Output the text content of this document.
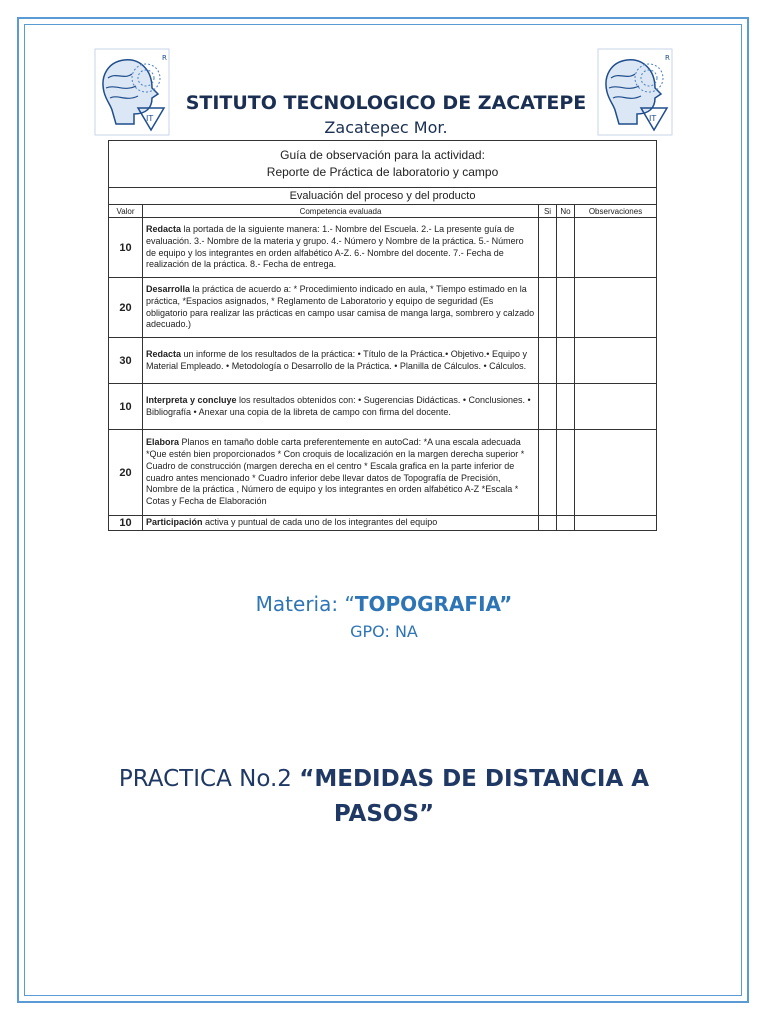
IT
R
IT
R
STITUTO TECNOLOGICO DE ZACATEPE
Zacatepec Mor.
Guía de observación para la actividad:
Reporte de Práctica de laboratorio y campo				

Evaluación del proceso y del producto				
Valor	Competencia evaluada	Si	No	Observaciones
10	Redacta la portada de la siguiente manera: 1.- Nombre del Escuela. 2.- La presente guía de evaluación. 3.- Nombre de la materia y grupo. 4.- Número y Nombre de la práctica. 5.- Número de equipo y los integrantes en orden alfabético A-Z. 6.- Nombre del docente. 7.- Fecha de realización de la práctica. 8.- Fecha de entrega.			
20	Desarrolla la práctica de acuerdo a: * Procedimiento indicado en aula, * Tiempo estimado en la práctica, *Espacios asignados, * Reglamento de Laboratorio y equipo de seguridad (Es obligatorio para realizar las prácticas en campo usar camisa de manga larga, sombrero y calzado adecuado.)			
30	Redacta un informe de los resultados de la práctica: • Título de la Práctica.• Objetivo.• Equipo y Material Empleado. • Metodología o Desarrollo de la Práctica. • Planilla de Cálculos. • Cálculos.			
10	Interpreta y concluye los resultados obtenidos con: • Sugerencias Didácticas. • Conclusiones. • Bibliografía • Anexar una copia de la libreta de campo con firma del docente.			
20	Elabora Planos en tamaño doble carta preferentemente en autoCad: *A una escala adecuada *Que estén bien proporcionados * Con croquis de localización en la margen derecha superior * Cuadro de construcción (margen derecha en el centro * Escala grafica en la parte inferior de cuadro antes mencionado * Cuadro inferior debe llevar datos de Topografía de Precisión, Nombre de la práctica , Número de equipo y los integrantes en orden alfabético A-Z *Escala * Cotas y Fecha de Elaboración			
10	Participación activa y puntual de cada uno de los integrantes del equipo			
Materia: “TOPOGRAFIA”
GPO: NA
PRACTICA No.2 “MEDIDAS DE DISTANCIA A PASOS”
